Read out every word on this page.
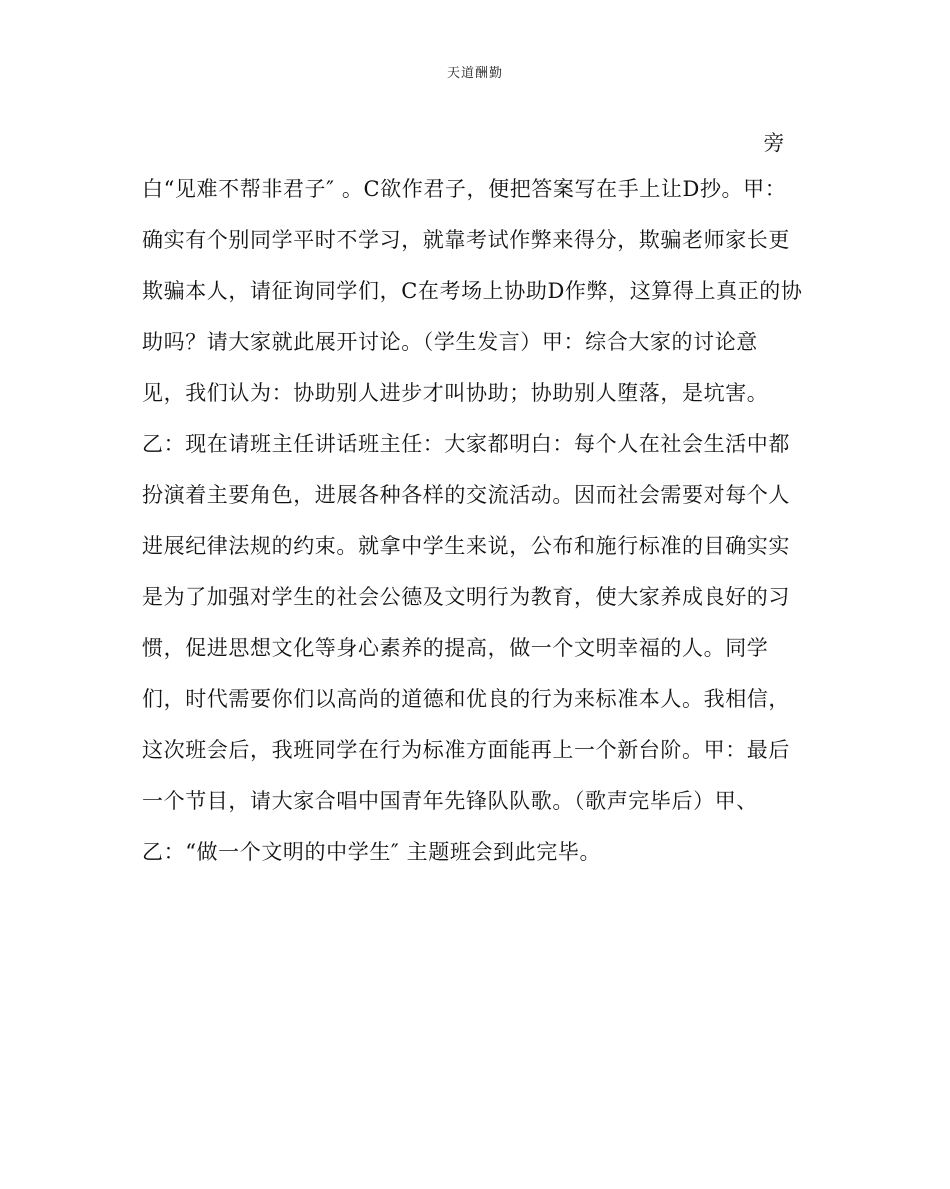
天道酬勤
旁
白“见难不帮非君子″ 。C欲作君子，便把答案写在手上让D抄。甲：
确实有个别同学平时不学习，就靠考试作弊来得分，欺骗老师家长更
欺骗本人，请征询同学们，C在考场上协助D作弊，这算得上真正的协
助吗？请大家就此展开讨论。（学生发言）甲：综合大家的讨论意
见，我们认为：协助别人进步才叫协助；协助别人堕落，是坑害。
乙：现在请班主任讲话班主任：大家都明白：每个人在社会生活中都
扮演着主要角色，进展各种各样的交流活动。因而社会需要对每个人
进展纪律法规的约束。就拿中学生来说，公布和施行标准的目确实实
是为了加强对学生的社会公德及文明行为教育，使大家养成良好的习
惯，促进思想文化等身心素养的提高，做一个文明幸福的人。同学
们，时代需要你们以高尚的道德和优良的行为来标准本人。我相信，
这次班会后，我班同学在行为标准方面能再上一个新台阶。甲：最后
一个节目，请大家合唱中国青年先锋队队歌。（歌声完毕后）甲、
乙：“做一个文明的中学生″ 主题班会到此完毕。
